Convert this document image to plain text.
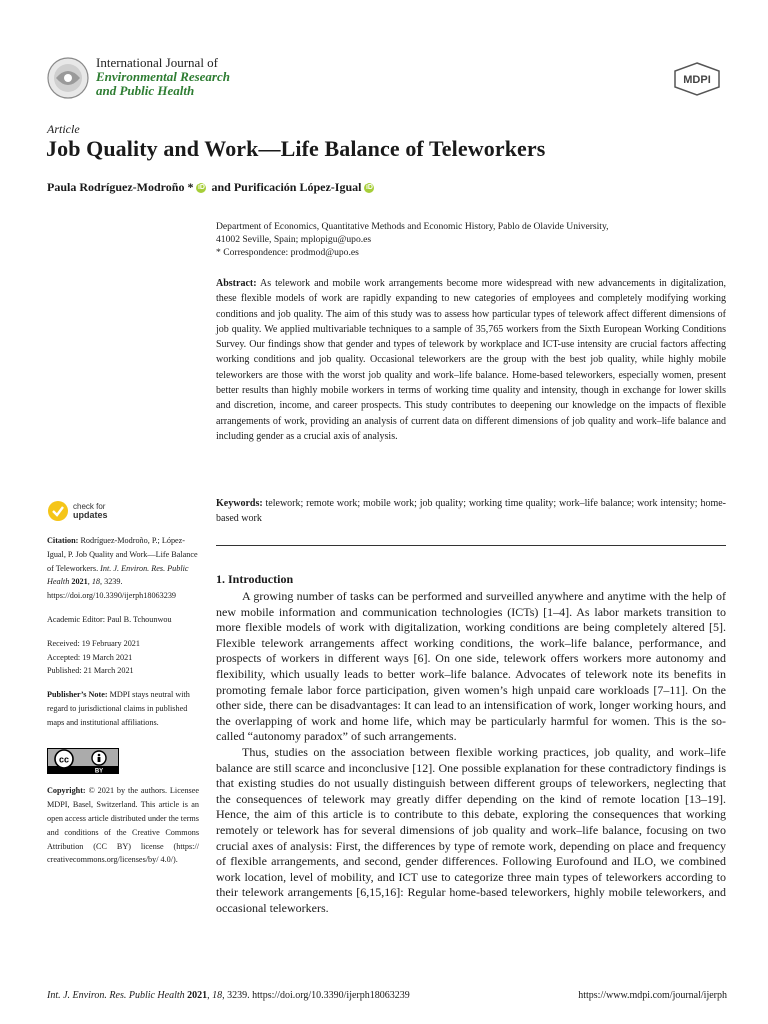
International Journal of
Environmental Research
and Public Health
MDPI
Article
Job Quality and Work—Life Balance of Teleworkers
Paula Rodríguez-Modroño * iD and Purificación López-Igual iD
Department of Economics, Quantitative Methods and Economic History, Pablo de Olavide University,
41002 Seville, Spain; mplopigu@upo.es
* Correspondence: prodmod@upo.es
Abstract: As telework and mobile work arrangements become more widespread with new advancements in digitalization, these flexible models of work are rapidly expanding to new categories of employees and completely modifying working conditions and job quality. The aim of this study was to assess how particular types of telework affect different dimensions of job quality. We applied multivariable techniques to a sample of 35,765 workers from the Sixth European Working Conditions Survey. Our findings show that gender and types of telework by workplace and ICT-use intensity are crucial factors affecting working conditions and job quality. Occasional teleworkers are the group with the best job quality, while highly mobile teleworkers are those with the worst job quality and work–life balance. Home-based teleworkers, especially women, present better results than highly mobile workers in terms of working time quality and intensity, though in exchange for lower skills and discretion, income, and career prospects. This study contributes to deepening our knowledge on the impacts of flexible arrangements of work, providing an analysis of current data on different dimensions of job quality and work–life balance and including gender as a crucial axis of analysis.
Keywords: telework; remote work; mobile work; job quality; working time quality; work–life balance; work intensity; home-based work
check for
updates
Citation: Rodríguez-Modroño, P.; López-Igual, P. Job Quality and Work—Life Balance of Teleworkers. Int. J. Environ. Res. Public Health 2021, 18, 3239. https://doi.org/10.3390/ijerph18063239
Academic Editor: Paul B. Tchounwou
Received: 19 February 2021
Accepted: 19 March 2021
Published: 21 March 2021
Publisher’s Note: MDPI stays neutral with regard to jurisdictional claims in published maps and institutional affiliations.
cc
BY
Copyright: © 2021 by the authors. Licensee MDPI, Basel, Switzerland. This article is an open access article distributed under the terms and conditions of the Creative Commons Attribution (CC BY) license (https:// creativecommons.org/licenses/by/ 4.0/).
1. Introduction

A growing number of tasks can be performed and surveilled anywhere and anytime with the help of new mobile information and communication technologies (ICTs) [1–4]. As labor markets transition to more flexible models of work with digitalization, working conditions are being completely altered [5]. Flexible telework arrangements affect working conditions, the work–life balance, performance, and prospects of workers in different ways [6]. On one side, telework offers workers more autonomy and flexibility, which usually leads to better work–life balance. Advocates of telework note its benefits in promoting female labor force participation, given women’s high unpaid care workloads [7–11]. On the other side, there can be disadvantages: It can lead to an intensification of work, longer working hours, and the overlapping of work and home life, which may be particularly harmful for women. This is the so-called “autonomy paradox” of such arrangements.

Thus, studies on the association between flexible working practices, job quality, and work–life balance are still scarce and inconclusive [12]. One possible explanation for these contradictory findings is that existing studies do not usually distinguish between different groups of teleworkers, neglecting that the consequences of telework may greatly differ depending on the kind of remote location [13–19]. Hence, the aim of this article is to contribute to this debate, exploring the consequences that working remotely or telework has for several dimensions of job quality and work–life balance, focusing on two crucial axes of analysis: First, the differences by type of remote work, depending on place and frequency of flexible arrangements, and second, gender differences. Following Eurofound and ILO, we combined work location, level of mobility, and ICT use to categorize three main types of teleworkers according to their telework arrangements [6,15,16]: Regular home-based teleworkers, highly mobile teleworkers, and occasional teleworkers.

Int. J. Environ. Res. Public Health 2021, 18, 3239. https://doi.org/10.3390/ijerph18063239	https://www.mdpi.com/journal/ijerph
